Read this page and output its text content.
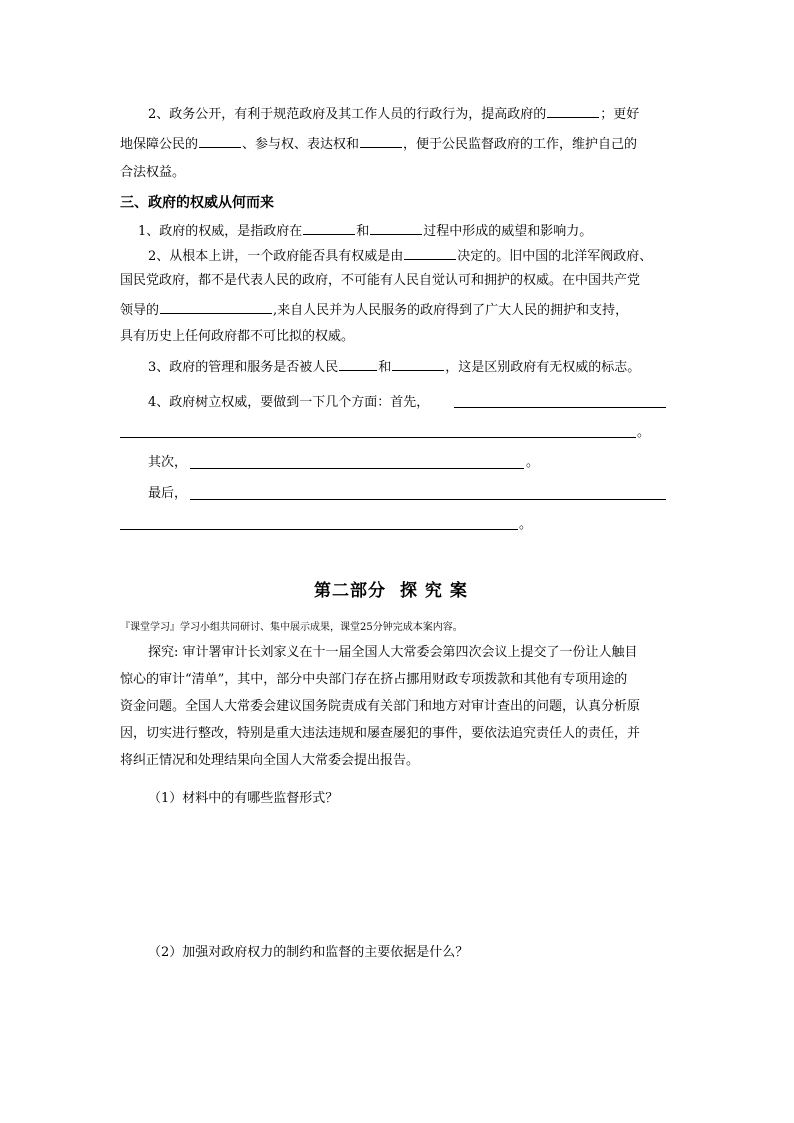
2、政务公开，有利于规范政府及其工作人员的行政行为，提高政府的	；更好
地保障公民的	、参与权、表达权和	，便于公民监督政府的工作，维护自己的
合法权益。
三、政府的权威从何而来
1、政府的权威，是指政府在	和	过程中形成的威望和影响力。
2、从根本上讲，一个政府能否具有权威是由	决定的。旧中国的北洋军阀政府、
国民党政府，都不是代表人民的政府，不可能有人民自觉认可和拥护的权威。在中国共产党
领导的	,来自人民并为人民服务的政府得到了广大人民的拥护和支持，
具有历史上任何政府都不可比拟的权威。
3、政府的管理和服务是否被人民	和	，这是区别政府有无权威的标志。
4、政府树立权威，要做到一下几个方面：首先，
。
其次，	。
最后，
。
第二部分 探 究 案
『课堂学习』学习小组共同研讨、集中展示成果，课堂25分钟完成本案内容。
探究: 审计署审计长刘家义在十一届全国人大常委会第四次会议上提交了一份让人触目
惊心的审计“清单”，其中，部分中央部门存在挤占挪用财政专项拨款和其他有专项用途的
资金问题。全国人大常委会建议国务院责成有关部门和地方对审计查出的问题，认真分析原
因，切实进行整改，特别是重大违法违规和屡查屡犯的事件，要依法追究责任人的责任，并
将纠正情况和处理结果向全国人大常委会提出报告。
（1）材料中的有哪些监督形式？
（2）加强对政府权力的制约和监督的主要依据是什么？
